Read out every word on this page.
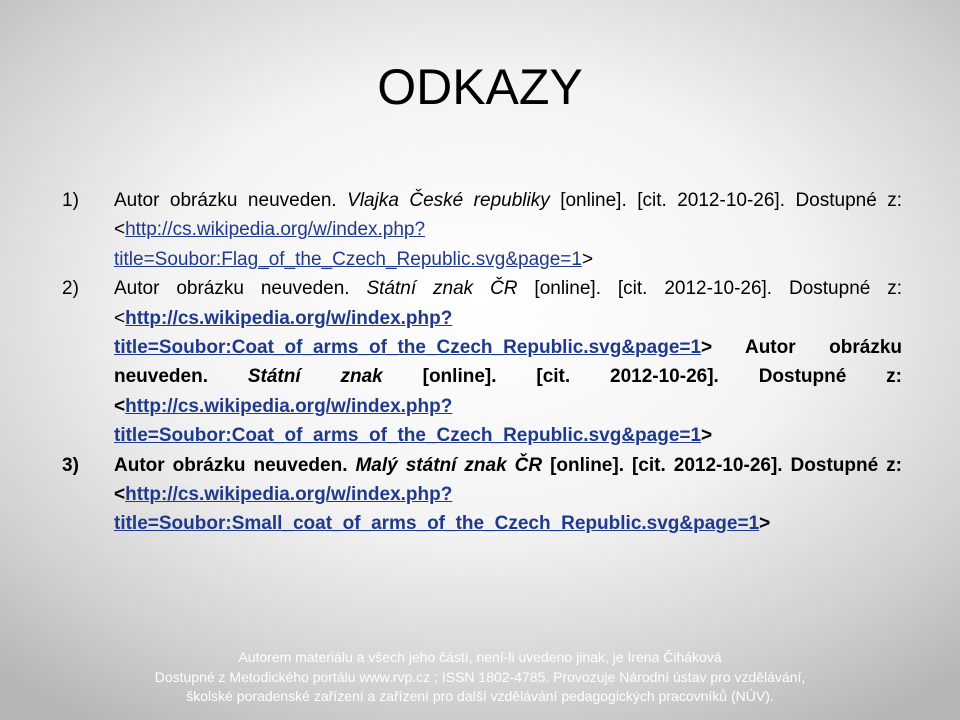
ODKAZY
1) Autor obrázku neuveden. Vlajka České republiky [online]. [cit. 2012-10-26]. Dostupné z: <http://cs.wikipedia.org/w/index.php?title=Soubor:Flag_of_the_Czech_Republic.svg&page=1>
2) Autor obrázku neuveden. Státní znak ČR [online]. [cit. 2012-10-26]. Dostupné z: <http://cs.wikipedia.org/w/index.php?title=Soubor:Coat_of_arms_of_the_Czech_Republic.svg&page=1> Autor obrázku neuveden. Státní znak [online]. [cit. 2012-10-26]. Dostupné z: <http://cs.wikipedia.org/w/index.php?title=Soubor:Coat_of_arms_of_the_Czech_Republic.svg&page=1>
3) Autor obrázku neuveden. Malý státní znak ČR [online]. [cit. 2012-10-26]. Dostupné z: <http://cs.wikipedia.org/w/index.php?title=Soubor:Small_coat_of_arms_of_the_Czech_Republic.svg&page=1>
Autorem materiálu a všech jeho částí, není-li uvedeno jinak, je Irena Čiháková
Dostupné z Metodického portálu www.rvp.cz ; ISSN 1802-4785. Provozuje Národní ústav pro vzdělávání,
školské poradenské zařízení a zařízení pro další vzdělávání pedagogických pracovníků (NÚV).
